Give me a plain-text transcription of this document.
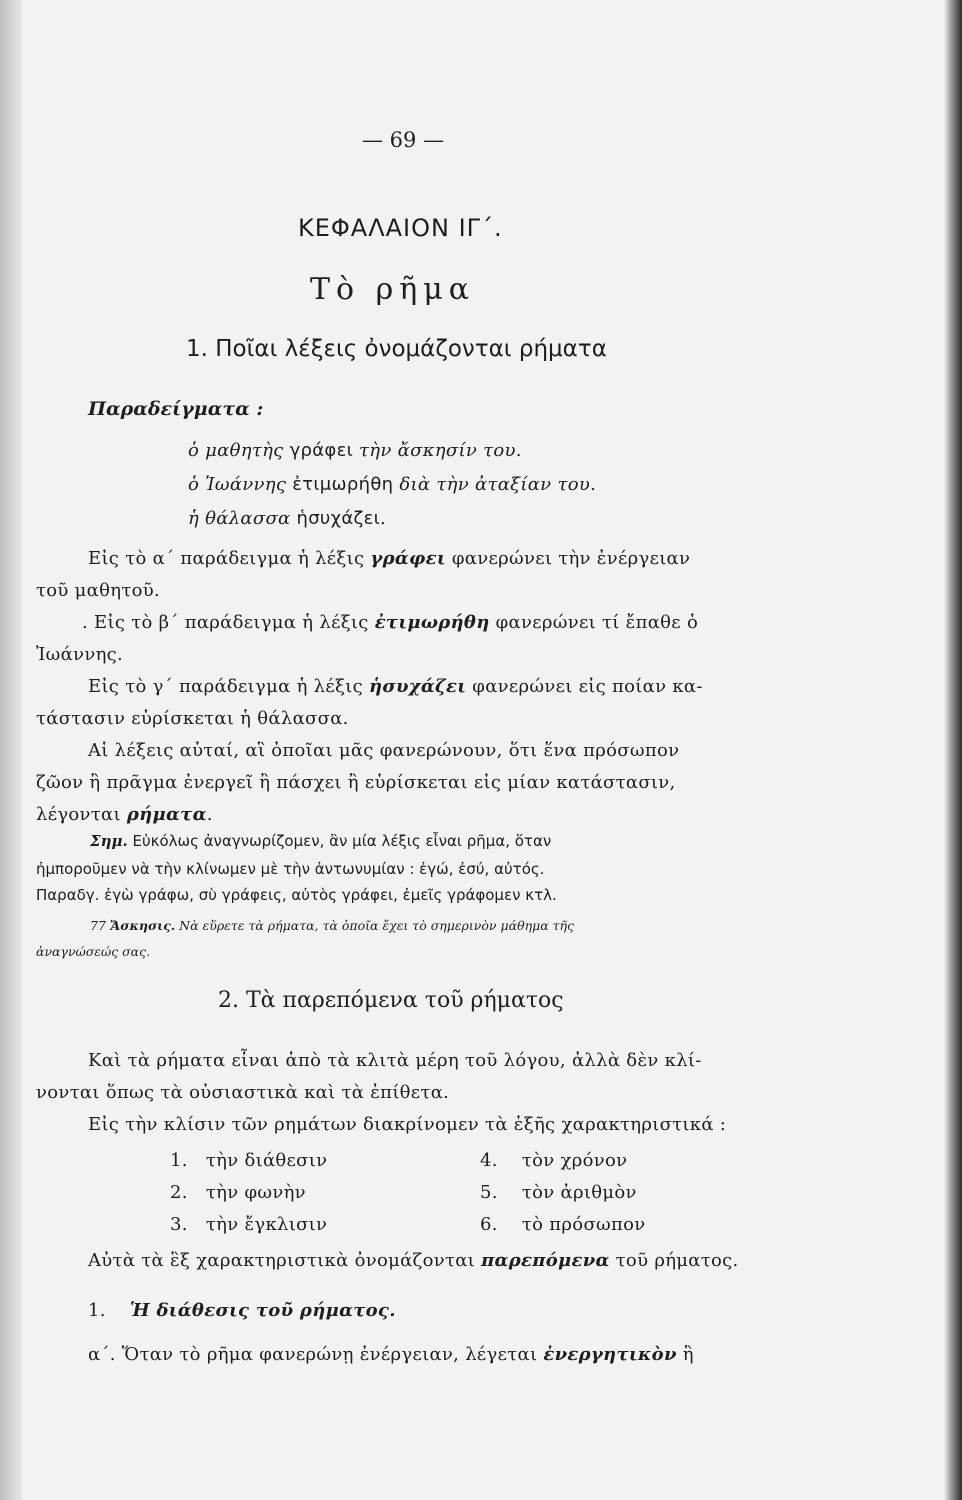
— 69 —
ΚΕΦΑΛΑΙΟΝ ΙΓ΄.
Τὸ ρῆμα
1. Ποῖαι λέξεις ὀνομάζονται ρήματα
Παραδείγματα :
ὁ μαθητὴς γράφει τὴν ἄσκησίν του.
ὁ Ἰωάννης ἐτιμωρήθη διὰ τὴν ἀταξίαν του.
ἡ θάλασσα ἡσυχάζει.
Εἰς τὸ α΄ παράδειγμα ἡ λέξις γράφει φανερώνει τὴν ἐνέργειαν
τοῦ μαθητοῦ.
. Εἰς τὸ β΄ παράδειγμα ἡ λέξις ἐτιμωρήθη φανερώνει τί ἔπαθε ὁ
Ἰωάννης.
Εἰς τὸ γ΄ παράδειγμα ἡ λέξις ἡσυχάζει φανερώνει εἰς ποίαν κα-
τάστασιν εὑρίσκεται ἡ θάλασσα.
Αἱ λέξεις αὐταί, αἳ ὁποῖαι μᾶς φανερώνουν, ὅτι ἕνα πρόσωπον
ζῶον ἢ πρᾶγμα ἐνεργεῖ ἢ πάσχει ἢ εὑρίσκεται εἰς μίαν κατάστασιν,
λέγονται ρήματα.
Σημ. Εὐκόλως ἀναγνωρίζομεν, ἂν μία λέξις εἶναι ρῆμα, ὅταν
ἠμποροῦμεν νὰ τὴν κλίνωμεν μὲ τὴν ἀντωνυμίαν : ἐγώ, ἐσύ, αὐτός.
Παραδγ. ἐγὼ γράφω, σὺ γράφεις, αὐτὸς γράφει, ἐμεῖς γράφομεν κτλ.
77 Ἄσκησις. Νὰ εὕρετε τὰ ρήματα, τὰ ὁποῖα ἔχει τὸ σημερινὸν μάθημα τῆς
ἀναγνώσεώς σας.
2. Τὰ παρεπόμενα τοῦ ρήματος
Καὶ τὰ ρήματα εἶναι ἀπὸ τὰ κλιτὰ μέρη τοῦ λόγου, ἀλλὰ δὲν κλί-
νονται ὅπως τὰ οὐσιαστικὰ καὶ τὰ ἐπίθετα.
Εἰς τὴν κλίσιν τῶν ρημάτων διακρίνομεν τὰ ἑξῆς χαρακτηριστικά :
1. τὴν διάθεσιν
2. τὴν φωνὴν
3. τὴν ἔγκλισιν
4. τὸν χρόνον
5. τὸν ἀριθμὸν
6. τὸ πρόσωπον
Αὐτὰ τὰ ἓξ χαρακτηριστικὰ ὀνομάζονται παρεπόμενα τοῦ ρήματος.
1. Ἡ διάθεσις τοῦ ρήματος.
α΄. Ὅταν τὸ ρῆμα φανερώνῃ ἐνέργειαν, λέγεται ἐνεργητικὸν ἢ
